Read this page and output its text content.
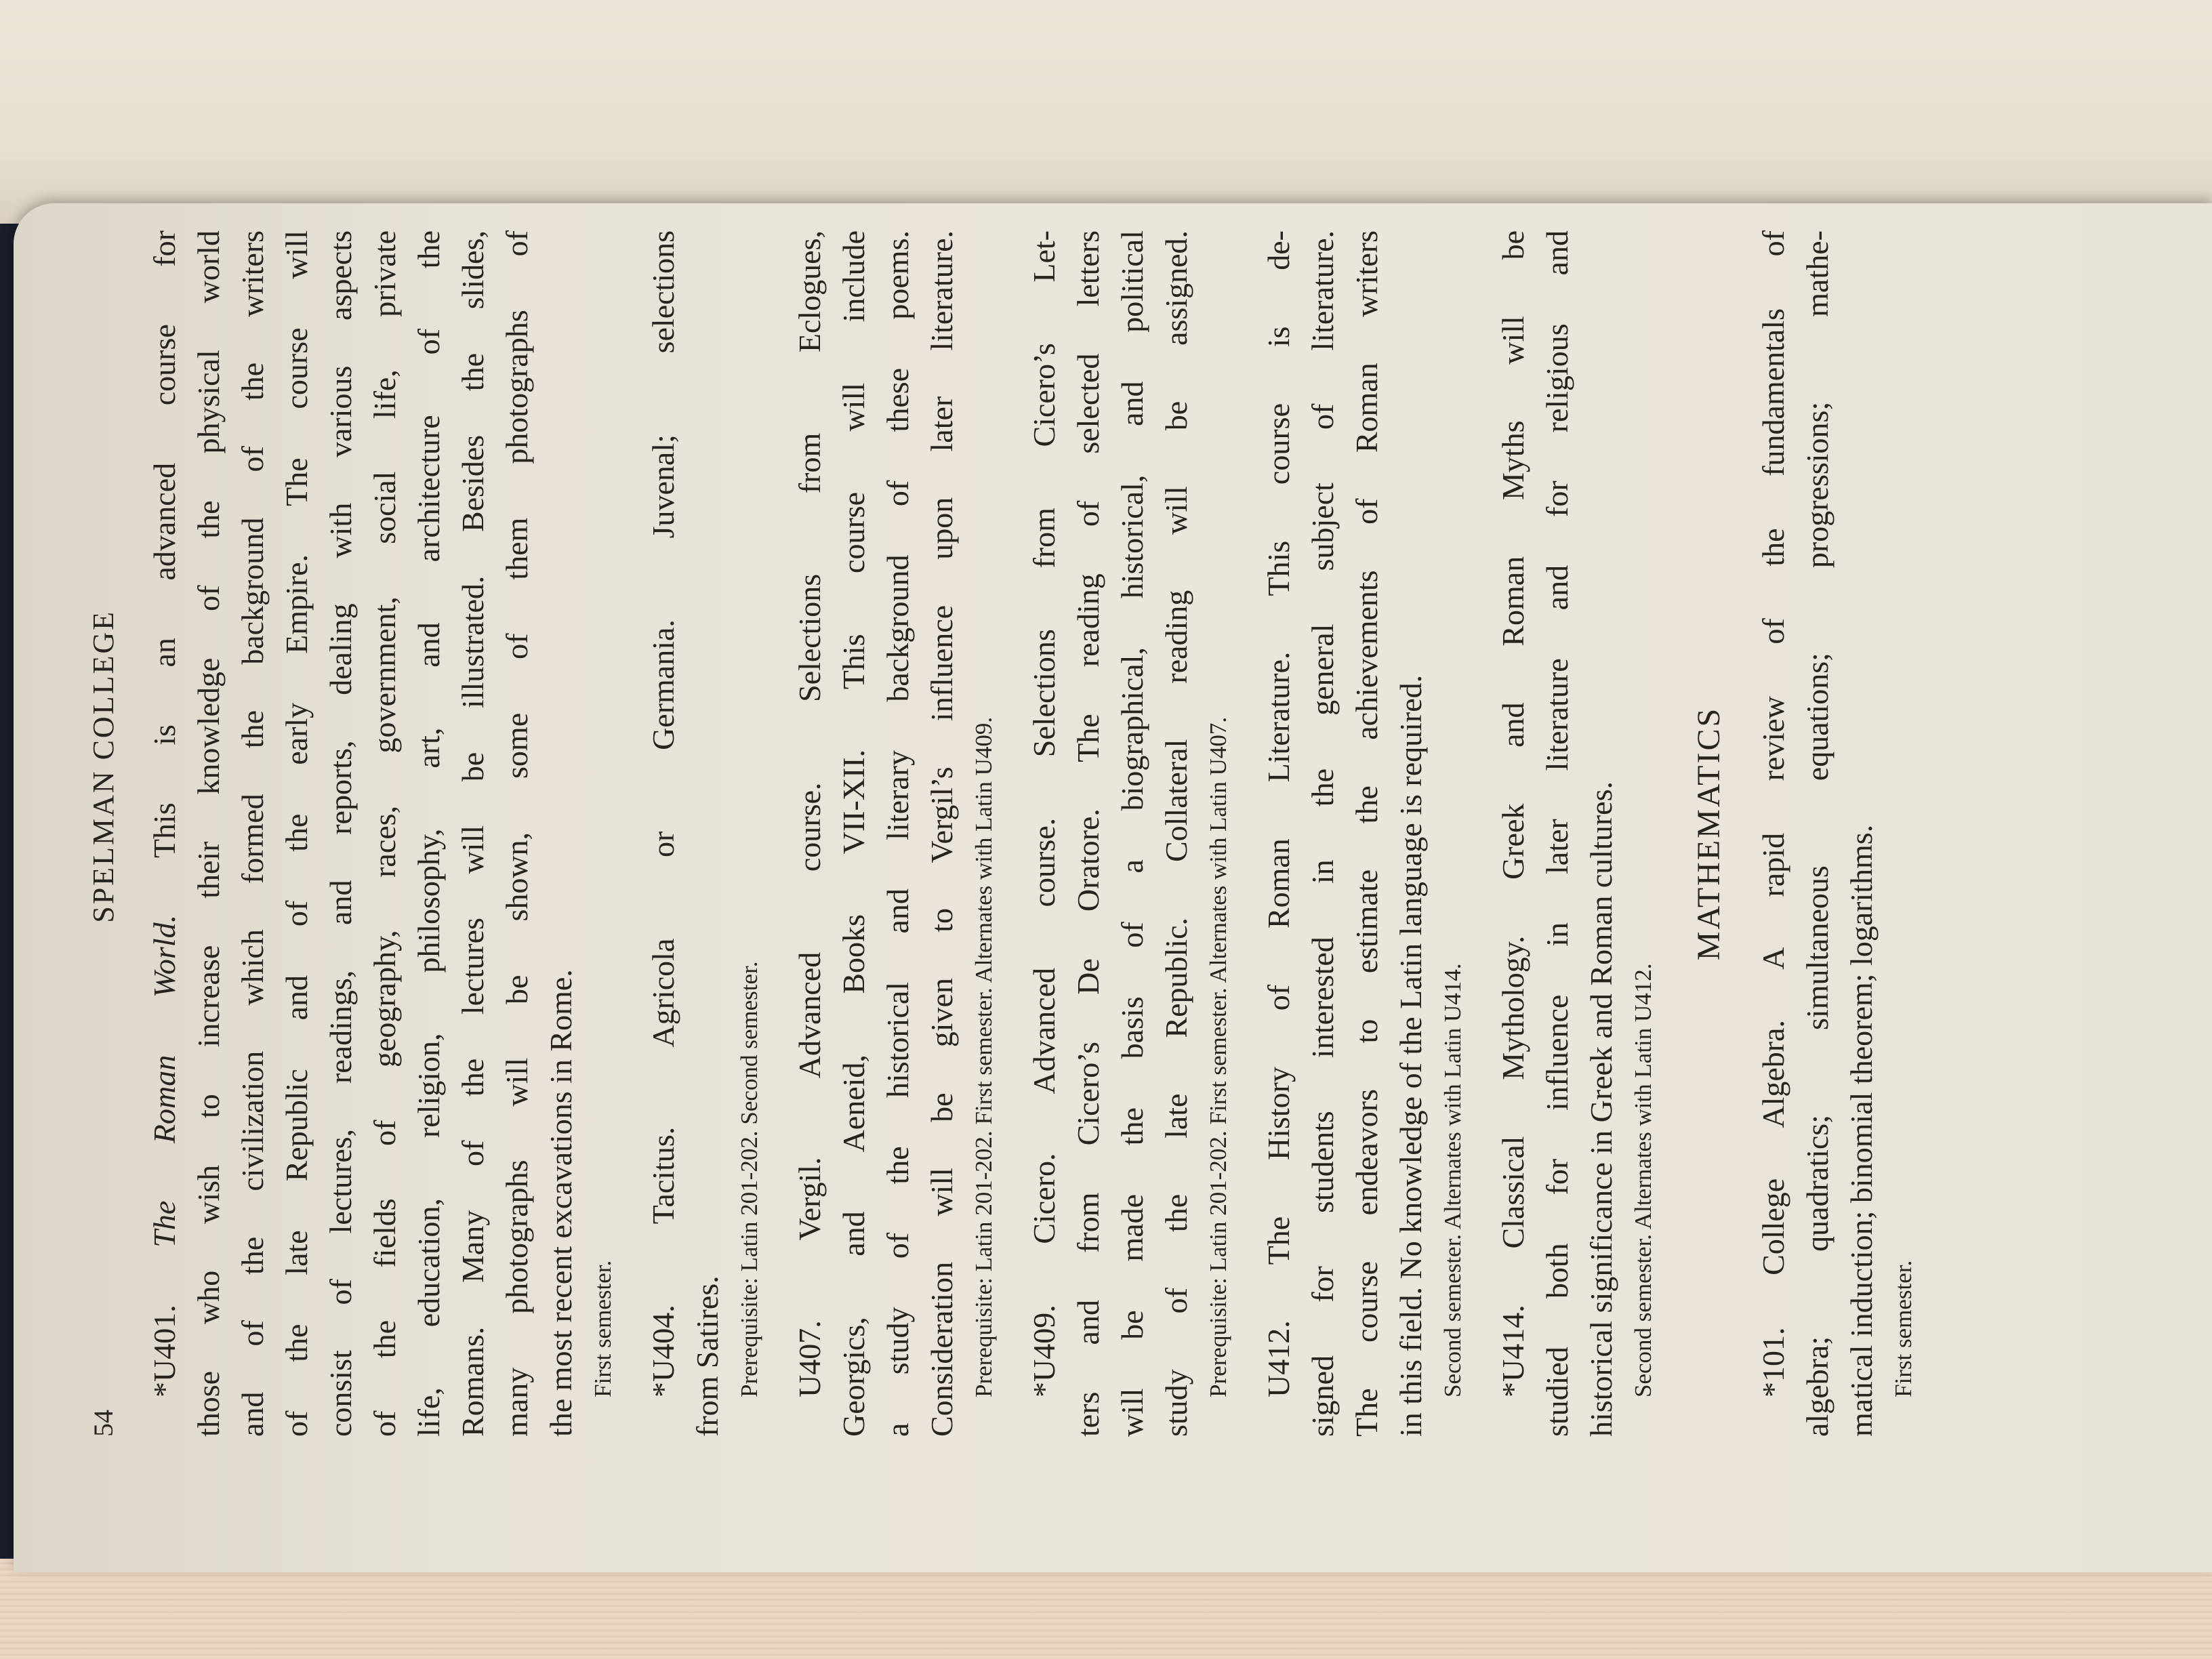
54
SPELMAN COLLEGE
*U401. The Roman World. This is an advanced course for those who wish to increase their knowledge of the physical world and of the civilization which formed the background of the writers of the late Republic and of the early Empire. The course will consist of lectures, readings, and reports, dealing with various aspects of the fields of geography, races, government, social life, private life, education, religion, philosophy, art, and architecture of the Romans. Many of the lectures will be illustrated. Besides the slides, many photographs will be shown, some of them photographs of the most recent excavations in Rome. First semester. *U404. Tacitus. Agricola or Germania. Juvenal; selections from Satires. Prerequisite: Latin 201-202. Second semester. U407. Vergil. Advanced course. Selections from Eclogues, Georgics, and Aeneid, Books VII-XII. This course will include a study of the historical and literary background of these poems. Consideration will be given to Vergil’s influence upon later literature. Prerequisite: Latin 201-202. First semester. Alternates with Latin U409. *U409. Cicero. Advanced course. Selections from Cicero’s Let- ters and from Cicero’s De Oratore. The reading of selected letters will be made the basis of a biographical, historical, and political study of the late Republic. Collateral reading will be assigned. Prerequisite: Latin 201-202. First semester. Alternates with Latin U407. U412. The History of Roman Literature. This course is de- signed for students interested in the general subject of literature. The course endeavors to estimate the achievements of Roman writers in this field. No knowledge of the Latin language is required. Second semester. Alternates with Latin U414. *U414. Classical Mythology. Greek and Roman Myths will be studied both for influence in later literature and for religious and historical significance in Greek and Roman cultures. Second semester. Alternates with Latin U412.
MATHEMATICS *101. College Algebra. A rapid review of the fundamentals of algebra; quadratics; simultaneous equations; progressions; mathe- matical induction; binomial theorem; logarithms. First semester.
